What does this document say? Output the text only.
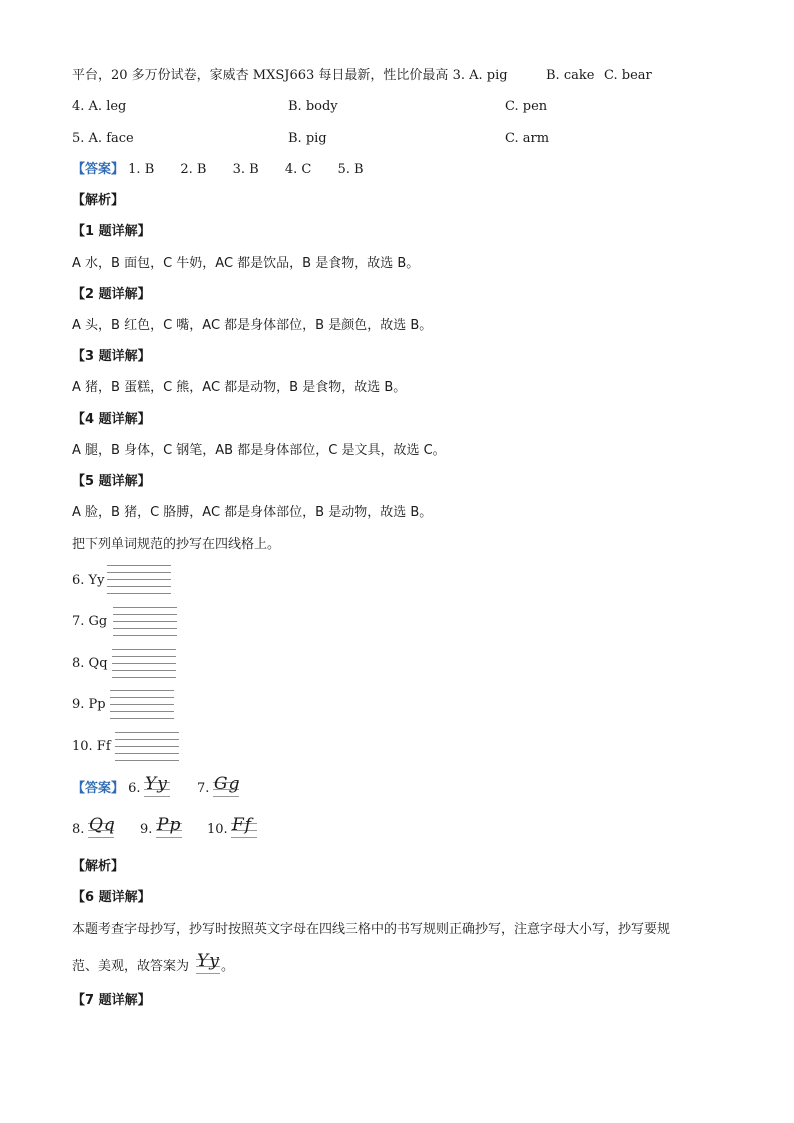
平台，20 多万份试卷，家威杏 MXSJ663 每日最新，性比价最高 3. A. pig	B. cake C. bear
4. A. leg	B. body	C. pen
5. A. face	B. pig	C. arm
【答案】 1. B 2. B 3. B 4. C 5. B
【解析】
【1 题详解】
A 水，B 面包，C 牛奶，AC 都是饮品，B 是食物，故选 B。
【2 题详解】
A 头，B 红色，C 嘴，AC 都是身体部位，B 是颜色，故选 B。
【3 题详解】
A 猪，B 蛋糕，C 熊，AC 都是动物，B 是食物，故选 B。
【4 题详解】
A 腿，B 身体，C 钢笔，AB 都是身体部位，C 是文具，故选 C。
【5 题详解】
A 脸，B 猪，C 胳膊，AC 都是身体部位，B 是动物，故选 B。
把下列单词规范的抄写在四线格上。
6. Yy
7. Gg
8. Qq
9. Pp
10. Ff
【答案】 6. Yy 7. Gg
8. Qq 9. Pp 10. Ff
【解析】
【6 题详解】
本题考查字母抄写，抄写时按照英文字母在四线三格中的书写规则正确抄写，注意字母大小写，抄写要规
范、美观，故答案为 Yy 。
【7 题详解】
